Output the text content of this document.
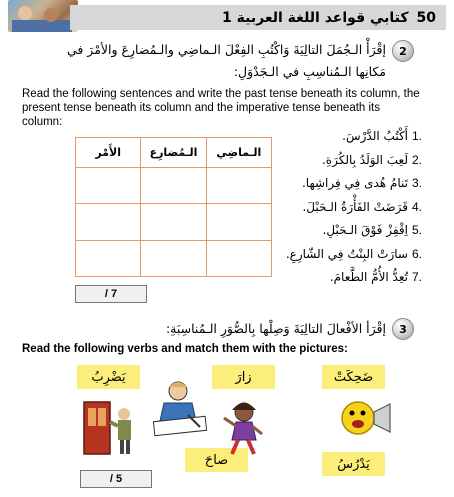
كتابي قواعد اللغة العربية 1 50
2
إقْرَأْ الـجُمَلَ التالِيَةَ وَاكْتُبِ الفِعْلَ الـماضِي والـمُضارِعَ والأمْرَ في
مَكانِها الـمُناسِبِ في الـجَدْوَلِ:
Read the following sentences and write the past tense beneath its column, the present tense beneath its column and the imperative tense beneath its column:
الأَمْر	الـمُضارِع	الـماضِي

1.
أَكْتُبُ الدَّرْسَ.
2.
لَعِبَ الوَلَدُ بِالكُرَةِ.
3.
تَنامُ هُدى فِي فِراشِها.
4.
قَرَضَتْ الفَأْرَةُ الـحَبْلَ.
5.
اِقْفِزْ فَوْقَ الـحَبْلِ.
6.
سارَتْ البِنْتُ فِي الشّارِعِ.
7.
تُعِدُّ الأُمُّ الطَّعامَ.
/ 7
3
إقْرَأ الأفْعالَ التالِيَةَ وَصِلْها بِالصُّوَرِ الـمُناسِبَةِ:
Read the following verbs and match them with the pictures:
يَضْرِبُ	زارَ	ضَحِكَتْ
صاحَ	يَدْرُسُ
/ 5
